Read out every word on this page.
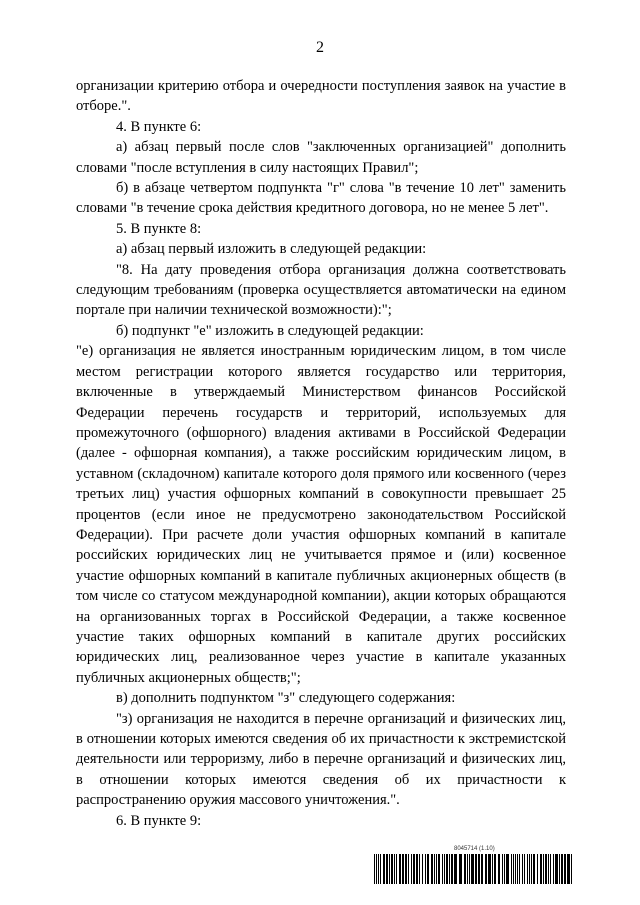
2

организации критерию отбора и очередности поступления заявок на участие в отборе.".

4. В пункте 6:

а) абзац первый после слов "заключенных организацией" дополнить словами "после вступления в силу настоящих Правил";

б) в абзаце четвертом подпункта "г" слова "в течение 10 лет" заменить словами "в течение срока действия кредитного договора, но не менее 5 лет".

5. В пункте 8:

а) абзац первый изложить в следующей редакции:

"8. На дату проведения отбора организация должна соответствовать следующим требованиям (проверка осуществляется автоматически на едином портале при наличии технической возможности):";

б) подпункт "е" изложить в следующей редакции:

"е) организация не является иностранным юридическим лицом, в том числе местом регистрации которого является государство или территория, включенные в утверждаемый Министерством финансов Российской Федерации перечень государств и территорий, используемых для промежуточного (офшорного) владения активами в Российской Федерации (далее - офшорная компания), а также российским юридическим лицом, в уставном (складочном) капитале которого доля прямого или косвенного (через третьих лиц) участия офшорных компаний в совокупности превышает 25 процентов (если иное не предусмотрено законодательством Российской Федерации). При расчете доли участия офшорных компаний в капитале российских юридических лиц не учитывается прямое и (или) косвенное участие офшорных компаний в капитале публичных акционерных обществ (в том числе со статусом международной компании), акции которых обращаются на организованных торгах в Российской Федерации, а также косвенное участие таких офшорных компаний в капитале других российских юридических лиц, реализованное через участие в капитале указанных публичных акционерных обществ;";

в) дополнить подпунктом "з" следующего содержания:

"з) организация не находится в перечне организаций и физических лиц, в отношении которых имеются сведения об их причастности к экстремистской деятельности или терроризму, либо в перечне организаций и физических лиц, в отношении которых имеются сведения об их причастности к распространению оружия массового уничтожения.".

6. В пункте 9:

8045714 (1.10)
